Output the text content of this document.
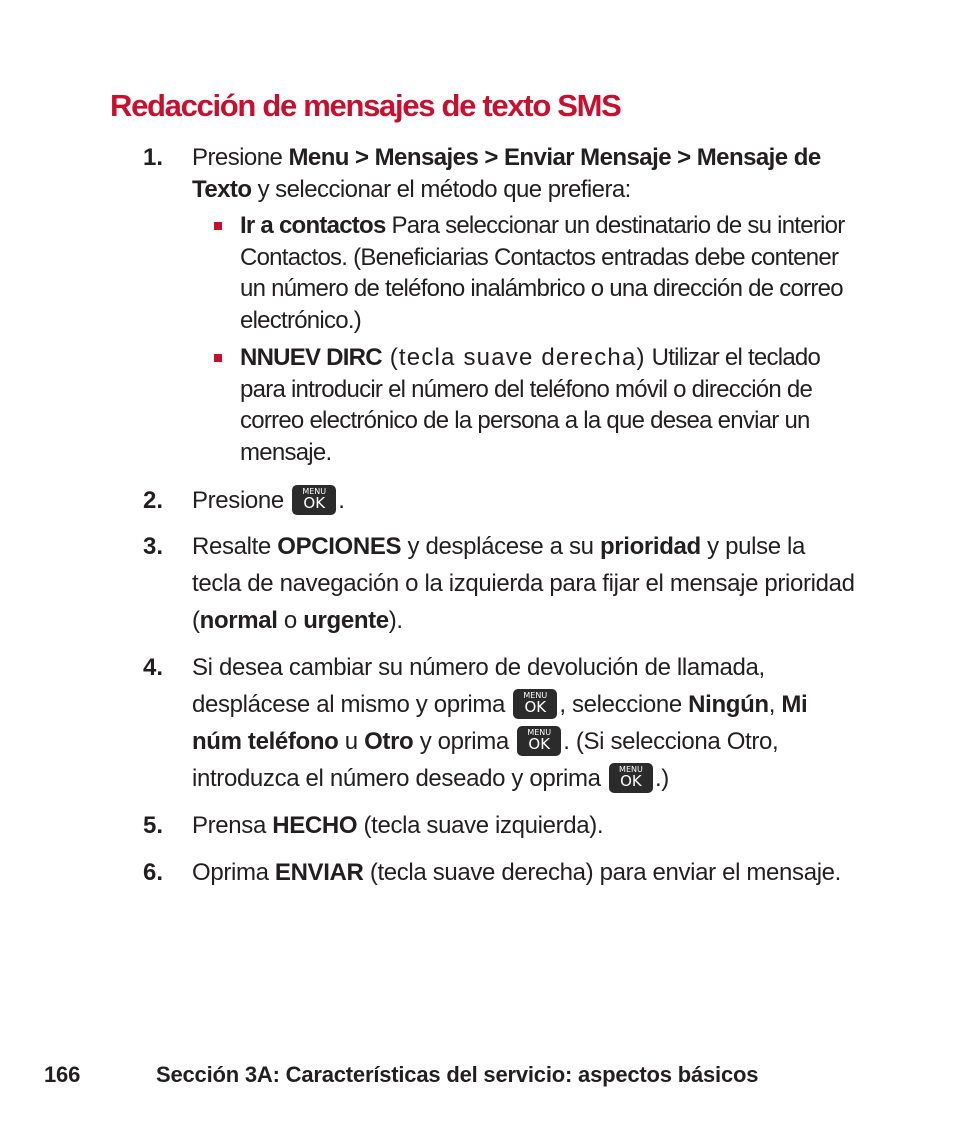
Redacción de mensajes de texto SMS
1. Presione Menu > Mensajes > Enviar Mensaje > Mensaje de Texto y seleccionar el método que prefiera:
Ir a contactos Para seleccionar un destinatario de su interior Contactos. (Beneficiarias Contactos entradas debe contener un número de teléfono inalámbrico o una dirección de correo electrónico.)
NNUEV DIRC (tecla suave derecha) Utilizar el teclado para introducir el número del teléfono móvil o dirección de correo electrónico de la persona a la que desea enviar un mensaje.
2. Presione	MENU
OK .
3. Resalte OPCIONES y desplácese a su prioridad y pulse la tecla de navegación o la izquierda para fijar el mensaje prioridad (normal o urgente).
4. Si desea cambiar su número de devolución de llamada, desplácese al mismo y oprima	MENU
OK , seleccione Ningún, Mi núm teléfono u Otro y oprima	MENU
OK . (Si selecciona Otro, introduzca el número deseado y oprima	MENU
OK .)
5. Prensa HECHO (tecla suave izquierda).
6. Oprima ENVIAR (tecla suave derecha) para enviar el mensaje.
166	Sección 3A: Características del servicio: aspectos básicos
